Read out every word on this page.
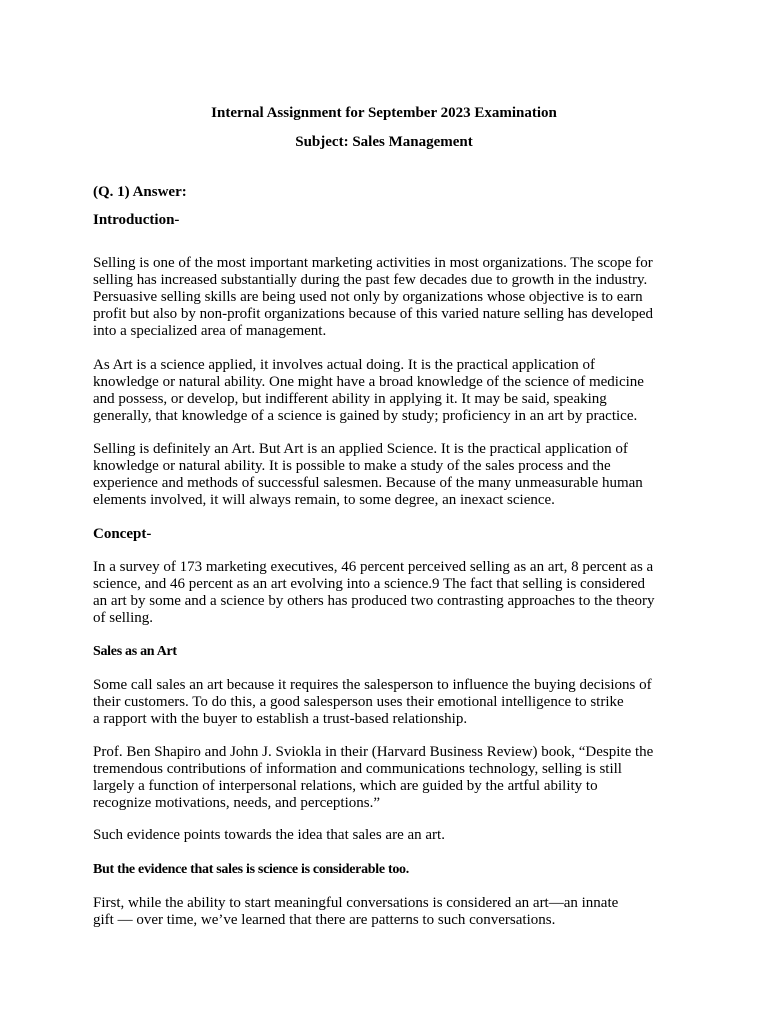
Internal Assignment for September 2023 Examination

Subject: Sales Management

(Q. 1) Answer:

Introduction-

Selling is one of the most important marketing activities in most organizations. The scope for
selling has increased substantially during the past few decades due to growth in the industry.
Persuasive selling skills are being used not only by organizations whose objective is to earn
profit but also by non-profit organizations because of this varied nature selling has developed
into a specialized area of management.
As Art is a science applied, it involves actual doing. It is the practical application of
knowledge or natural ability. One might have a broad knowledge of the science of medicine
and possess, or develop, but indifferent ability in applying it. It may be said, speaking
generally, that knowledge of a science is gained by study; proficiency in an art by practice.
Selling is definitely an Art. But Art is an applied Science. It is the practical application of
knowledge or natural ability. It is possible to make a study of the sales process and the
experience and methods of successful salesmen. Because of the many unmeasurable human
elements involved, it will always remain, to some degree, an inexact science.

Concept-

In a survey of 173 marketing executives, 46 percent perceived selling as an art, 8 percent as a
science, and 46 percent as an art evolving into a science.9 The fact that selling is considered
an art by some and a science by others has produced two contrasting approaches to the theory
of selling.

Sales as an Art

Some call sales an art because it requires the salesperson to influence the buying decisions of
their customers. To do this, a good salesperson uses their emotional intelligence to strike
a rapport with the buyer to establish a trust-based relationship.
Prof. Ben Shapiro and John J. Sviokla in their (Harvard Business Review) book, “Despite the
tremendous contributions of information and communications technology, selling is still
largely a function of interpersonal relations, which are guided by the artful ability to
recognize motivations, needs, and perceptions.”
Such evidence points towards the idea that sales are an art.

But the evidence that sales is science is considerable too.

First, while the ability to start meaningful conversations is considered an art—an innate
gift — over time, we’ve learned that there are patterns to such conversations.
